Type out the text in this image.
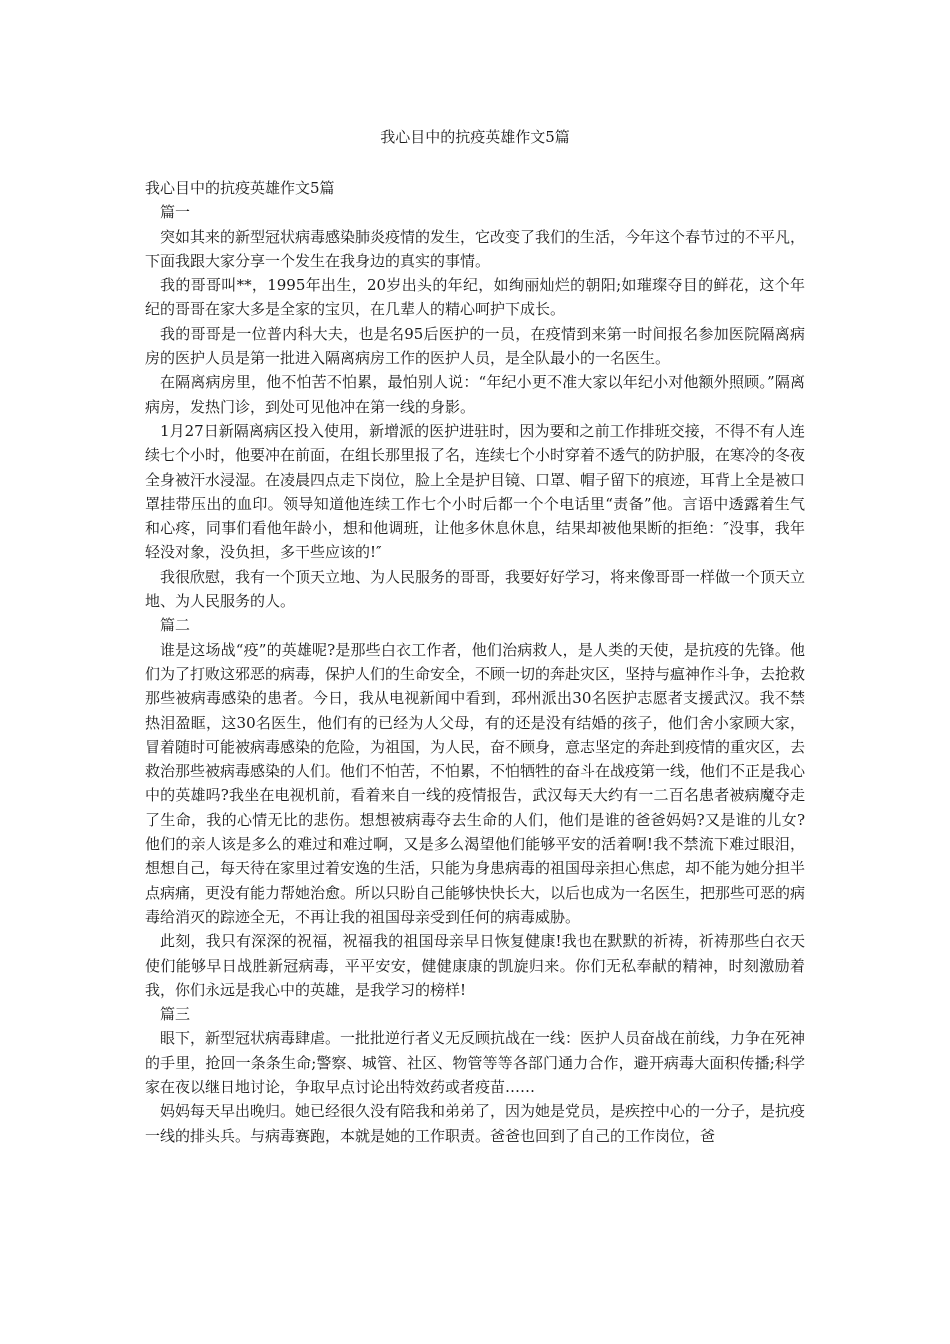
我心目中的抗疫英雄作文5篇

我心目中的抗疫英雄作文5篇

篇一

突如其来的新型冠状病毒感染肺炎疫情的发生，它改变了我们的生活，今年这个春节过的不平凡，下面我跟大家分享一个发生在我身边的真实的事情。

我的哥哥叫**，1995年出生，20岁出头的年纪，如绚丽灿烂的朝阳;如璀璨夺目的鲜花，这个年纪的哥哥在家大多是全家的宝贝，在几辈人的精心呵护下成长。

我的哥哥是一位普内科大夫，也是名95后医护的一员，在疫情到来第一时间报名参加医院隔离病房的医护人员是第一批进入隔离病房工作的医护人员，是全队最小的一名医生。

在隔离病房里，他不怕苦不怕累，最怕别人说：“年纪小更不准大家以年纪小对他额外照顾。”隔离病房，发热门诊，到处可见他冲在第一线的身影。

1月27日新隔离病区投入使用，新增派的医护进驻时，因为要和之前工作排班交接，不得不有人连续七个小时，他要冲在前面，在组长那里报了名，连续七个小时穿着不透气的防护服，在寒冷的冬夜全身被汗水浸湿。在凌晨四点走下岗位，脸上全是护目镜、口罩、帽子留下的痕迹，耳背上全是被口罩挂带压出的血印。领导知道他连续工作七个小时后都一个个电话里“责备”他。言语中透露着生气和心疼，同事们看他年龄小，想和他调班，让他多休息休息，结果却被他果断的拒绝：″没事，我年轻没对象，没负担，多干些应该的!″

我很欣慰，我有一个顶天立地、为人民服务的哥哥，我要好好学习，将来像哥哥一样做一个顶天立地、为人民服务的人。

篇二

谁是这场战“疫”的英雄呢?是那些白衣工作者，他们治病救人，是人类的天使，是抗疫的先锋。他们为了打败这邪恶的病毒，保护人们的生命安全，不顾一切的奔赴灾区，坚持与瘟神作斗争，去抢救那些被病毒感染的患者。今日，我从电视新闻中看到，邳州派出30名医护志愿者支援武汉。我不禁热泪盈眶，这30名医生，他们有的已经为人父母，有的还是没有结婚的孩子，他们舍小家顾大家，冒着随时可能被病毒感染的危险，为祖国，为人民，奋不顾身，意志坚定的奔赴到疫情的重灾区，去救治那些被病毒感染的人们。他们不怕苦，不怕累，不怕牺牲的奋斗在战疫第一线，他们不正是我心中的英雄吗?我坐在电视机前，看着来自一线的疫情报告，武汉每天大约有一二百名患者被病魔夺走了生命，我的心情无比的悲伤。想想被病毒夺去生命的人们，他们是谁的爸爸妈妈?又是谁的儿女?他们的亲人该是多么的难过和难过啊，又是多么渴望他们能够平安的活着啊!我不禁流下难过眼泪，想想自己，每天待在家里过着安逸的生活，只能为身患病毒的祖国母亲担心焦虑，却不能为她分担半点病痛，更没有能力帮她治愈。所以只盼自己能够快快长大，以后也成为一名医生，把那些可恶的病毒给消灭的踪迹全无，不再让我的祖国母亲受到任何的病毒威胁。

此刻，我只有深深的祝福，祝福我的祖国母亲早日恢复健康!我也在默默的祈祷，祈祷那些白衣天使们能够早日战胜新冠病毒，平平安安，健健康康的凯旋归来。你们无私奉献的精神，时刻激励着我，你们永远是我心中的英雄，是我学习的榜样!

篇三

眼下，新型冠状病毒肆虐。一批批逆行者义无反顾抗战在一线：医护人员奋战在前线，力争在死神的手里，抢回一条条生命;警察、城管、社区、物管等等各部门通力合作，避开病毒大面积传播;科学家在夜以继日地讨论，争取早点讨论出特效药或者疫苗……

妈妈每天早出晚归。她已经很久没有陪我和弟弟了，因为她是党员，是疾控中心的一分子，是抗疫一线的排头兵。与病毒赛跑，本就是她的工作职责。爸爸也回到了自己的工作岗位，爸
